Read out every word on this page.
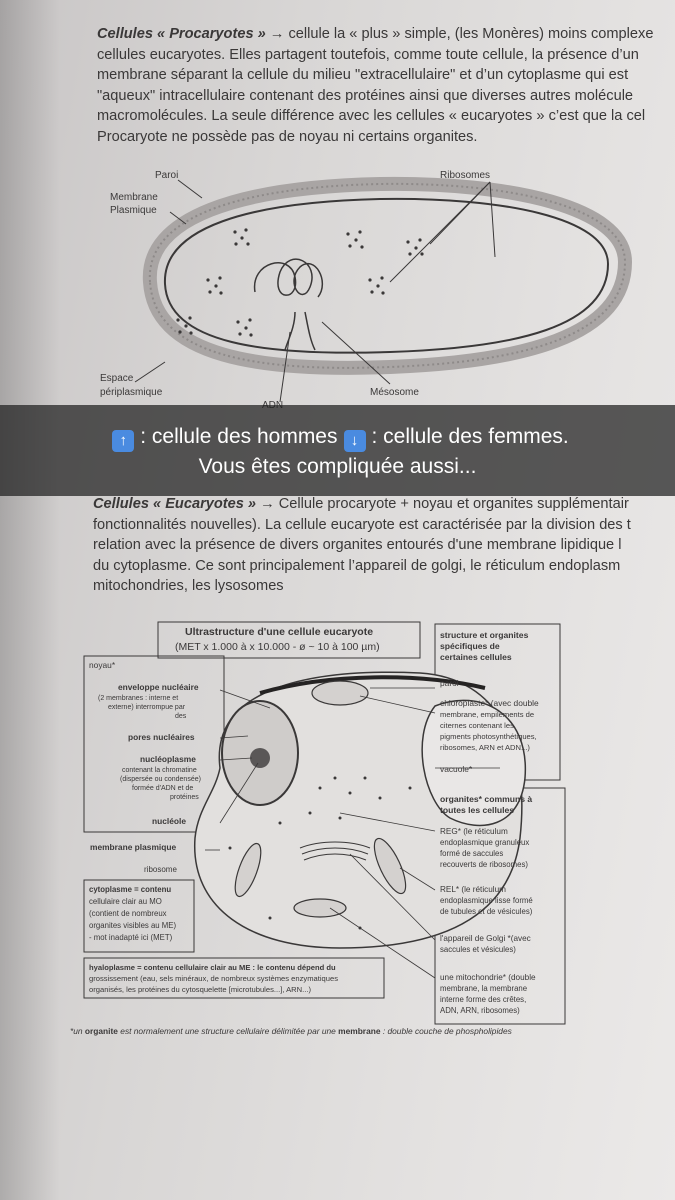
Cellules « Procaryotes » → cellule la « plus » simple, (les Monères) moins complexe
cellules eucaryotes. Elles partagent toutefois, comme toute cellule, la présence d’un
membrane séparant la cellule du milieu "extracellulaire" et d’un cytoplasme qui est
"aqueux" intracellulaire contenant des protéines ainsi que diverses autres molécule
macromolécules. La seule différence avec les cellules « eucaryotes » c’est que la cel
Procaryote ne possède pas de noyau ni certains organites.
Paroi	Ribosomes
Membrane
Plasmique
Espace
périplasmique	Mésosome
Cellules « Eucaryotes » → Cellule procaryote + noyau et organites supplémentair
fonctionnalités nouvelles). La cellule eucaryote est caractérisée par la division des t
relation avec la présence de divers organites entourés d'une membrane lipidique l
du cytoplasme. Ce sont principalement l’appareil de golgi, le réticulum endoplasm
mitochondries, les lysosomes
Ultrastructure d'une cellule eucaryote
(MET x 1.000 à x 10.000 - ø ~ 10 à 100 µm)
noyau*
enveloppe nucléaire
(2 membranes : interne et
externe) interrompue par
des
pores nucléaires
nucléoplasme
contenant la chromatine
(dispersée ou condensée)
formée d'ADN et de
protéines
nucléole
membrane plasmique
ribosome
cytoplasme = contenu
cellulaire clair au MO
(contient de nombreux
organites visibles au ME)
- mot inadapté ici (MET)
hyaloplasme = contenu cellulaire clair au ME : le contenu dépend du
grossissement (eau, sels minéraux, de nombreux systèmes enzymatiques
organisés, les protéines du cytosquelette [microtubules...], ARN...)
structure et organites
spécifiques de
certaines cellules
paroi
chloroplaste* (avec double
membrane, empilements de
citernes contenant les
pigments photosynthétiques,
ribosomes, ARN et ADN...)
vacuole*
organites* communs à
toutes les cellules
REG* (le réticulum
endoplasmique granuleux
formé de saccules
recouverts de ribosomes)
REL* (le réticulum
endoplasmique lisse formé
de tubules et de vésicules)
l'appareil de Golgi *(avec
saccules et vésicules)
une mitochondrie* (double
membrane, la membrane
interne forme des crêtes,
ADN, ARN, ribosomes)
*un organite est normalement une structure cellulaire délimitée par une membrane : double couche de phospholipides
↑: cellule des hommes↓ : cellule des femmes.
Vous êtes compliquée aussi...
